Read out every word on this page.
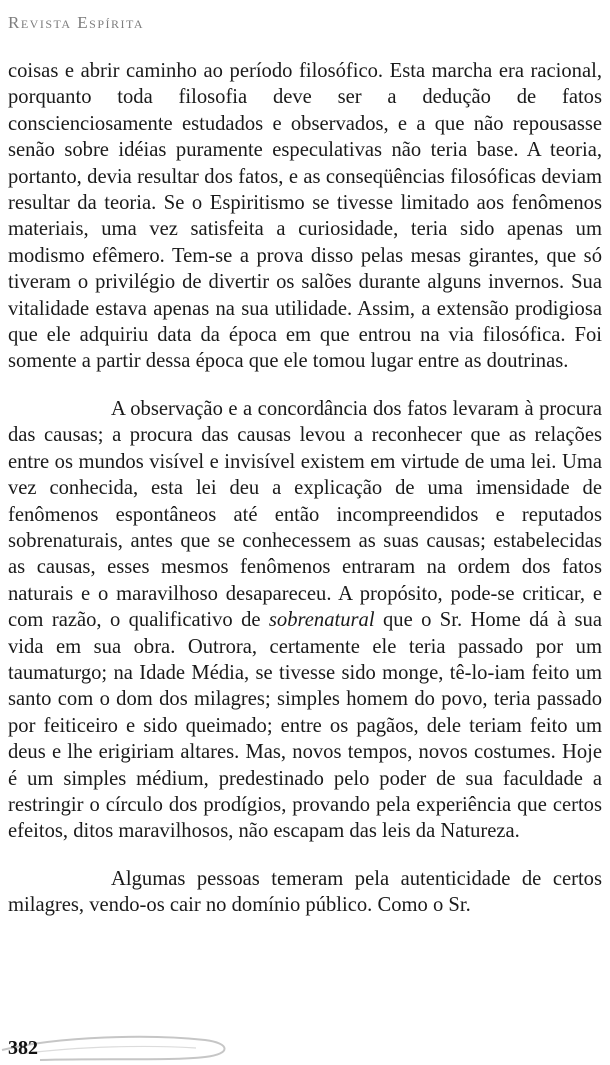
Revista Espírita

coisas e abrir caminho ao período filosófico. Esta marcha era racional, porquanto toda filosofia deve ser a dedução de fatos conscienciosamente estudados e observados, e a que não repousasse senão sobre idéias puramente especulativas não teria base. A teoria, portanto, devia resultar dos fatos, e as conseqüências filosóficas deviam resultar da teoria. Se o Espiritismo se tivesse limitado aos fenômenos materiais, uma vez satisfeita a curiosidade, teria sido apenas um modismo efêmero. Tem-se a prova disso pelas mesas girantes, que só tiveram o privilégio de divertir os salões durante alguns invernos. Sua vitalidade estava apenas na sua utilidade. Assim, a extensão prodigiosa que ele adquiriu data da época em que entrou na via filosófica. Foi somente a partir dessa época que ele tomou lugar entre as doutrinas.

A observação e a concordância dos fatos levaram à procura das causas; a procura das causas levou a reconhecer que as relações entre os mundos visível e invisível existem em virtude de uma lei. Uma vez conhecida, esta lei deu a explicação de uma imensidade de fenômenos espontâneos até então incompreendidos e reputados sobrenaturais, antes que se conhecessem as suas causas; estabelecidas as causas, esses mesmos fenômenos entraram na ordem dos fatos naturais e o maravilhoso desapareceu. A propósito, pode-se criticar, e com razão, o qualificativo de sobrenatural que o Sr. Home dá à sua vida em sua obra. Outrora, certamente ele teria passado por um taumaturgo; na Idade Média, se tivesse sido monge, tê-lo-iam feito um santo com o dom dos milagres; simples homem do povo, teria passado por feiticeiro e sido queimado; entre os pagãos, dele teriam feito um deus e lhe erigiriam altares. Mas, novos tempos, novos costumes. Hoje é um simples médium, predestinado pelo poder de sua faculdade a restringir o círculo dos prodígios, provando pela experiência que certos efeitos, ditos maravilhosos, não escapam das leis da Natureza.

Algumas pessoas temeram pela autenticidade de certos milagres, vendo-os cair no domínio público. Como o Sr.

382
